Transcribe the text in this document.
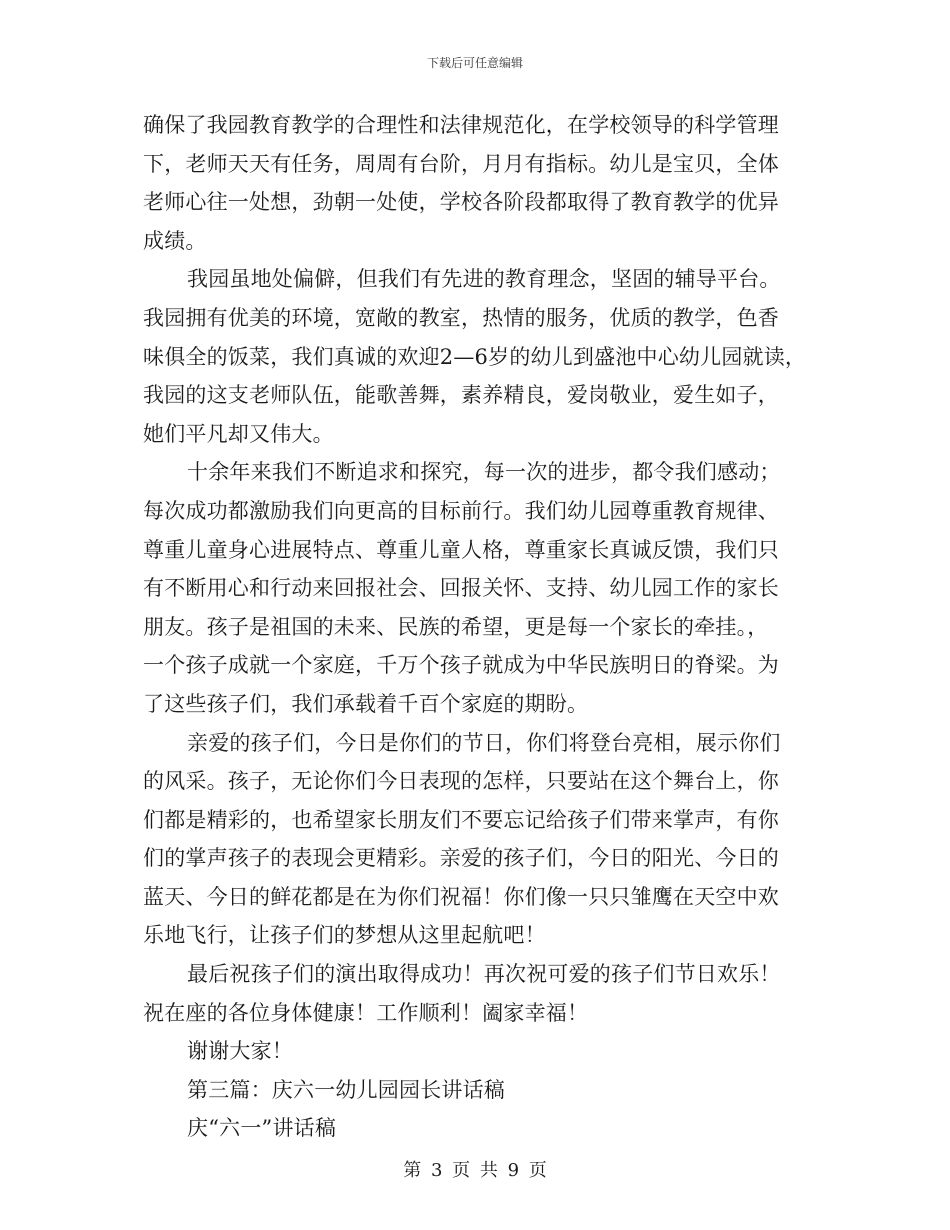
下载后可任意编辑
确保了我园教育教学的合理性和法律规范化，在学校领导的科学管理
下，老师天天有任务，周周有台阶，月月有指标。幼儿是宝贝，全体
老师心往一处想，劲朝一处使，学校各阶段都取得了教育教学的优异
成绩。
我园虽地处偏僻，但我们有先进的教育理念，坚固的辅导平台。
我园拥有优美的环境，宽敞的教室，热情的服务，优质的教学，色香
味俱全的饭菜，我们真诚的欢迎2—6岁的幼儿到盛池中心幼儿园就读，
我园的这支老师队伍，能歌善舞，素养精良，爱岗敬业，爱生如子，
她们平凡却又伟大。
十余年来我们不断追求和探究，每一次的进步，都令我们感动；
每次成功都激励我们向更高的目标前行。我们幼儿园尊重教育规律、
尊重儿童身心进展特点、尊重儿童人格，尊重家长真诚反馈，我们只
有不断用心和行动来回报社会、回报关怀、支持、幼儿园工作的家长
朋友。孩子是祖国的未来、民族的希望，更是每一个家长的牵挂。，
一个孩子成就一个家庭，千万个孩子就成为中华民族明日的脊梁。为
了这些孩子们，我们承载着千百个家庭的期盼。
亲爱的孩子们，今日是你们的节日，你们将登台亮相，展示你们
的风采。孩子，无论你们今日表现的怎样，只要站在这个舞台上，你
们都是精彩的，也希望家长朋友们不要忘记给孩子们带来掌声，有你
们的掌声孩子的表现会更精彩。亲爱的孩子们，今日的阳光、今日的
蓝天、今日的鲜花都是在为你们祝福！你们像一只只雏鹰在天空中欢
乐地飞行，让孩子们的梦想从这里起航吧！
最后祝孩子们的演出取得成功！再次祝可爱的孩子们节日欢乐！
祝在座的各位身体健康！工作顺利！阖家幸福！
谢谢大家！
第三篇：庆六一幼儿园园长讲话稿
庆“六一”讲话稿
第 3 页 共 9 页
